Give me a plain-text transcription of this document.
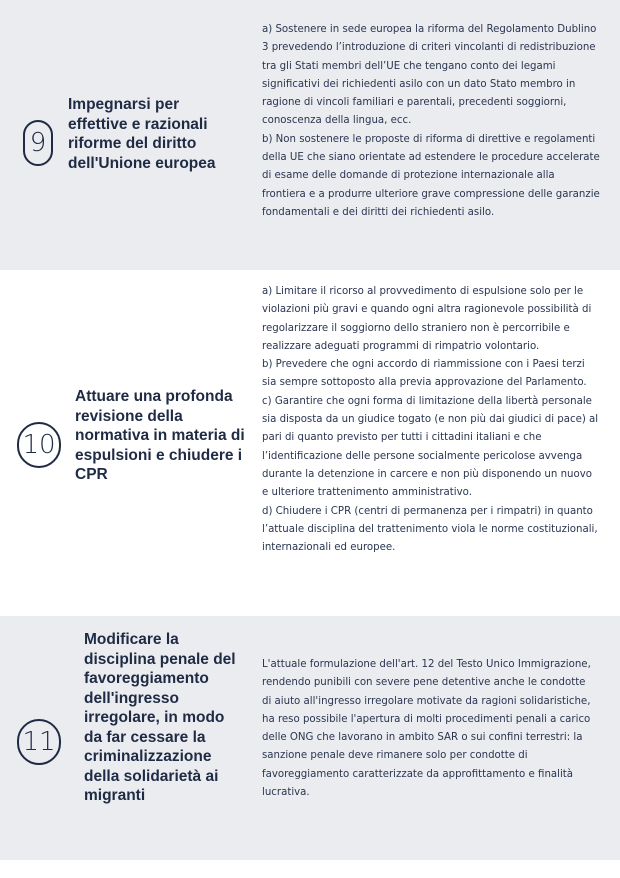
9
Impegnarsi per effettive e razionali riforme del diritto dell'Unione europea
a) Sostenere in sede europea la riforma del Regolamento Dublino 3 prevedendo l’introduzione di criteri vincolanti di redistribuzione tra gli Stati membri dell’UE che tengano conto dei legami significativi dei richiedenti asilo con un dato Stato membro in ragione di vincoli familiari e parentali, precedenti soggiorni, conoscenza della lingua, ecc.
b) Non sostenere le proposte di riforma di direttive e regolamenti della UE che siano orientate ad estendere le procedure accelerate di esame delle domande di protezione internazionale alla frontiera e a produrre ulteriore grave compressione delle garanzie fondamentali e dei diritti dei richiedenti asilo.
10
Attuare una profonda revisione della normativa in materia di espulsioni e chiudere i CPR
a) Limitare il ricorso al provvedimento di espulsione solo per le violazioni più gravi e quando ogni altra ragionevole possibilità di regolarizzare il soggiorno dello straniero non è percorribile e realizzare adeguati programmi di rimpatrio volontario.
b) Prevedere che ogni accordo di riammissione con i Paesi terzi sia sempre sottoposto alla previa approvazione del Parlamento.
c) Garantire che ogni forma di limitazione della libertà personale sia disposta da un giudice togato (e non più dai giudici di pace) al pari di quanto previsto per tutti i cittadini italiani e che l’identificazione delle persone socialmente pericolose avvenga durante la detenzione in carcere e non più disponendo un nuovo e ulteriore trattenimento amministrativo.
d) Chiudere i CPR (centri di permanenza per i rimpatri) in quanto l’attuale disciplina del trattenimento viola le norme costituzionali, internazionali ed europee.
11
Modificare la disciplina penale del favoreggiamento dell'ingresso irregolare, in modo da far cessare la criminalizzazione della solidarietà ai migranti
L'attuale formulazione dell'art. 12 del Testo Unico Immigrazione, rendendo punibili con severe pene detentive anche le condotte di aiuto all'ingresso irregolare motivate da ragioni solidaristiche, ha reso possibile l'apertura di molti procedimenti penali a carico delle ONG che lavorano in ambito SAR o sui confini terrestri: la sanzione penale deve rimanere solo per condotte di favoreggiamento caratterizzate da approfittamento e finalità lucrativa.
